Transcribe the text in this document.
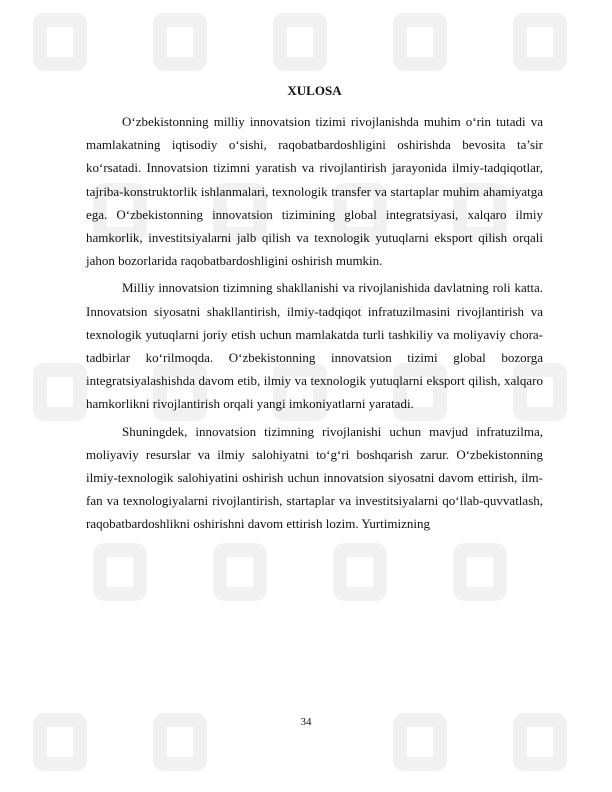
XULOSA

O‘zbekistonning milliy innovatsion tizimi rivojlanishda muhim o‘rin tutadi va mamlakatning iqtisodiy o‘sishi, raqobatbardoshligini oshirishda bevosita ta’sir ko‘rsatadi. Innovatsion tizimni yaratish va rivojlantirish jarayonida ilmiy-tadqiqotlar, tajriba-konstruktorlik ishlanmalari, texnologik transfer va startaplar muhim ahamiyatga ega. O‘zbekistonning innovatsion tizimining global integratsiyasi, xalqaro ilmiy hamkorlik, investitsiyalarni jalb qilish va texnologik yutuqlarni eksport qilish orqali jahon bozorlarida raqobatbardoshligini oshirish mumkin.

Milliy innovatsion tizimning shakllanishi va rivojlanishida davlatning roli katta. Innovatsion siyosatni shakllantirish, ilmiy-tadqiqot infratuzilmasini rivojlantirish va texnologik yutuqlarni joriy etish uchun mamlakatda turli tashkiliy va moliyaviy chora-tadbirlar ko‘rilmoqda. O‘zbekistonning innovatsion tizimi global bozorga integratsiyalashishda davom etib, ilmiy va texnologik yutuqlarni eksport qilish, xalqaro hamkorlikni rivojlantirish orqali yangi imkoniyatlarni yaratadi.

Shuningdek, innovatsion tizimning rivojlanishi uchun mavjud infratuzilma, moliyaviy resurslar va ilmiy salohiyatni to‘g‘ri boshqarish zarur. O‘zbekistonning ilmiy-texnologik salohiyatini oshirish uchun innovatsion siyosatni davom ettirish, ilm-fan va texnologiyalarni rivojlantirish, startaplar va investitsiyalarni qo‘llab-quvvatlash, raqobatbardoshlikni oshirishni davom ettirish lozim. Yurtimizning

34
